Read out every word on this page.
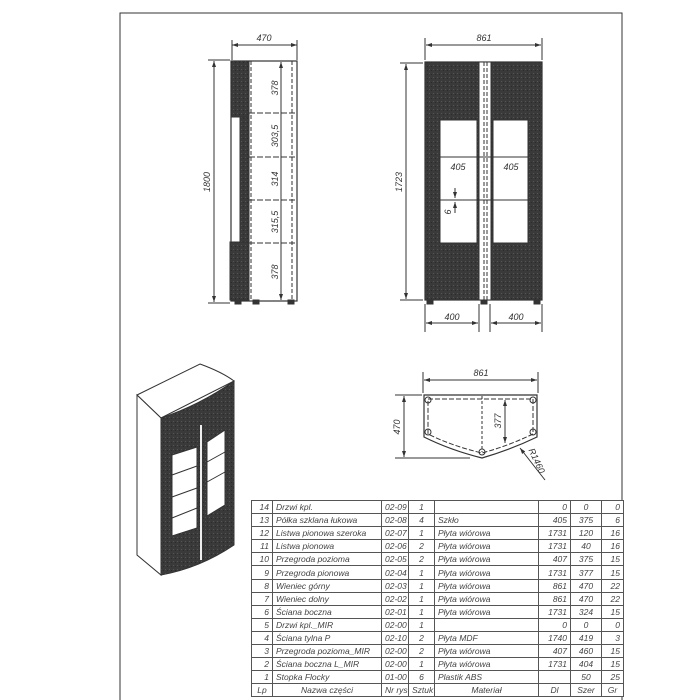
470
1800
378
303,5
314
315,5
378
861
1723
405	405
6
400	400
861
470	377
R1460
14	Drzwi kpl.	02-09	1		0	0	0
13	Półka szklana łukowa	02-08	4	Szkło	405	375	6
12	Listwa pionowa szeroka	02-07	1	Płyta wiórowa	1731	120	16
11	Listwa pionowa	02-06	2	Płyta wiórowa	1731	40	16
10	Przegroda pozioma	02-05	2	Płyta wiórowa	407	375	15
9	Przegroda pionowa	02-04	1	Płyta wiórowa	1731	377	15
8	Wieniec górny	02-03	1	Płyta wiórowa	861	470	22
7	Wieniec dolny	02-02	1	Płyta wiórowa	861	470	22
6	Ściana boczna	02-01	1	Płyta wiórowa	1731	324	15
5	Drzwi kpl._MIR	02-00	1		0	0	0
4	Ściana tylna P	02-10	2	Płyta MDF	1740	419	3
3	Przegroda pozioma_MIR	02-00	2	Płyta wiórowa	407	460	15
2	Ściana boczna L_MIR	02-00	1	Płyta wiórowa	1731	404	15
1	Stopka Flocky	01-00	6	Plastik ABS		50	25
Lp	Nazwa części	Nr rys	Sztuk	Materiał	Dl	Szer	Gr
